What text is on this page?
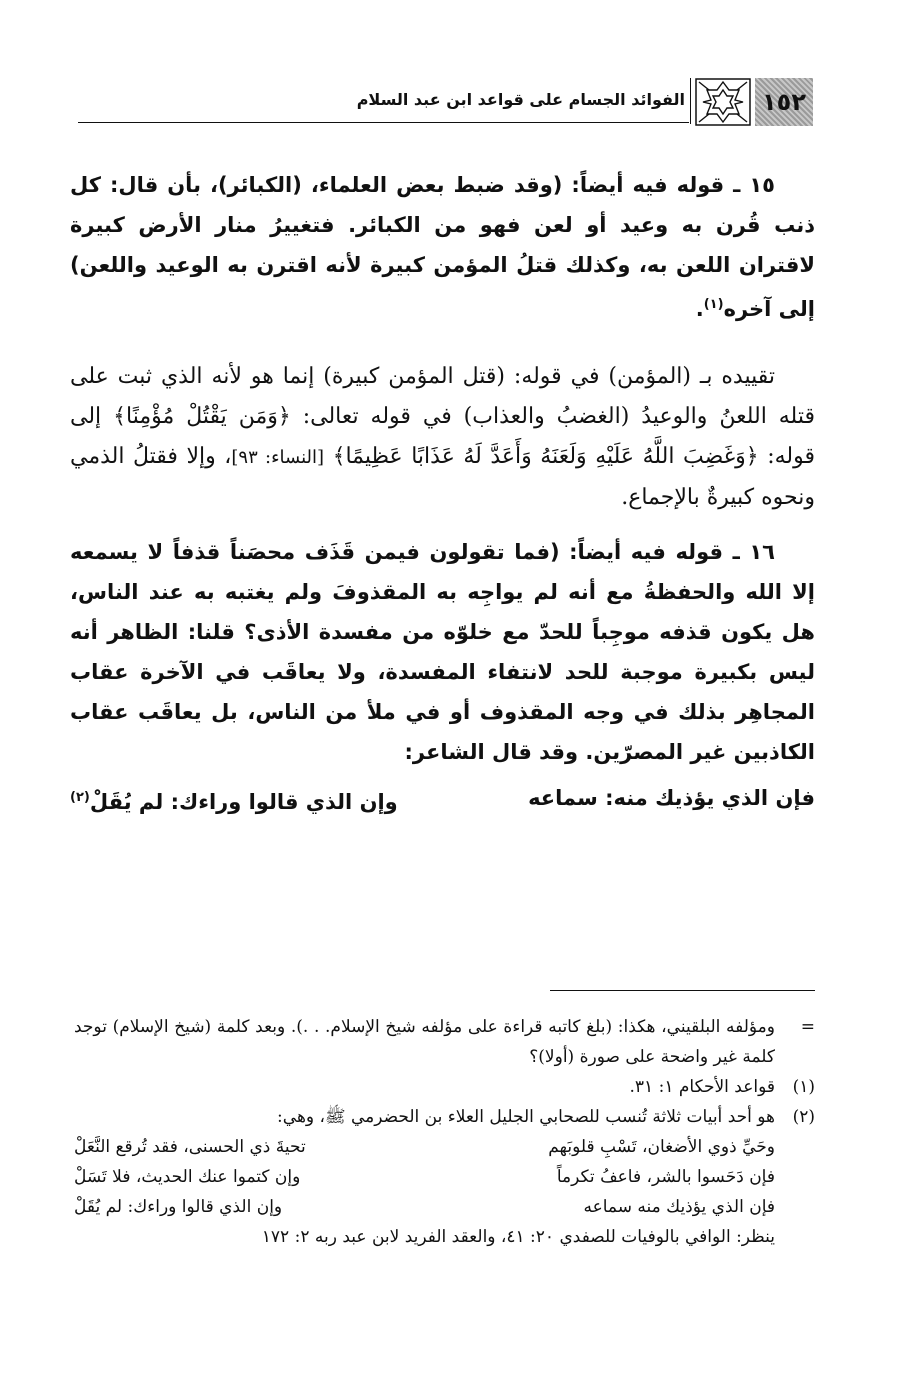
١٥٢
الفوائد الجسام على قواعد ابن عبد السلام

١٥ ـ قوله فيه أيضاً: (وقد ضبط بعض العلماء، (الكبائر)، بأن قال: كل ذنب قُرن به وعيد أو لعن فهو من الكبائر. فتغييرُ منار الأرض كبيرة لاقتران اللعن به، وكذلك قتلُ المؤمن كبيرة لأنه اقترن به الوعيد واللعن) إلى آخره$^{(١)}$.

تقييده بـ (المؤمن) في قوله: (قتل المؤمن كبيرة) إنما هو لأنه الذي ثبت على قتله اللعنُ والوعيدُ (الغضبُ والعذاب) في قوله تعالى: ﴿وَمَن يَقْتُلْ مُؤْمِنًا﴾ إلى قوله: ﴿وَغَضِبَ اللَّهُ عَلَيْهِ وَلَعَنَهُ وَأَعَدَّ لَهُ عَذَابًا عَظِيمًا﴾ [النساء: ٩٣]، وإلا فقتلُ الذمي ونحوه كبيرةٌ بالإجماع.

١٦ ـ قوله فيه أيضاً: (فما تقولون فيمن قَذَف محصَناً قذفاً لا يسمعه إلا الله والحفظةُ مع أنه لم يواجِه به المقذوفَ ولم يغتبه به عند الناس، هل يكون قذفه موجِباً للحدّ مع خلوّه من مفسدة الأذى؟ قلنا: الظاهر أنه ليس بكبيرة موجبة للحد لانتفاء المفسدة، ولا يعاقَب في الآخرة عقاب المجاهِر بذلك في وجه المقذوف أو في ملأ من الناس، بل يعاقَب عقاب الكاذبين غير المصرّين. وقد قال الشاعر:

فإن الذي يؤذيك منه: سماعه
وإن الذي قالوا وراءك: لم يُقَلْ$^{(٢)}$
=
ومؤلفه البلقيني، هكذا: (بلغ كاتبه قراءة على مؤلفه شيخ الإسلام. . .). وبعد كلمة (شيخ الإسلام) توجد كلمة غير واضحة على صورة (أولا)؟
(١)
قواعد الأحكام ١: ٣١.
(٢)
هو أحد أبيات ثلاثة تُنسب للصحابي الجليل العلاء بن الحضرمي ﷺ، وهي:
وحَيِّ ذوي الأضغان، تَسْبِ قلوبَهم
تحيةَ ذي الحسنى، فقد تُرقع النَّعَلْ
فإن دَحَسوا بالشر، فاعفُ تكرماً
وإن كتموا عنك الحديث، فلا تَسَلْ
فإن الذي يؤذيك منه سماعه
وإن الذي قالوا وراءك: لم يُقَلْ
ينظر: الوافي بالوفيات للصفدي ٢٠: ٤١، والعقد الفريد لابن عبد ربه ٢: ١٧٢
